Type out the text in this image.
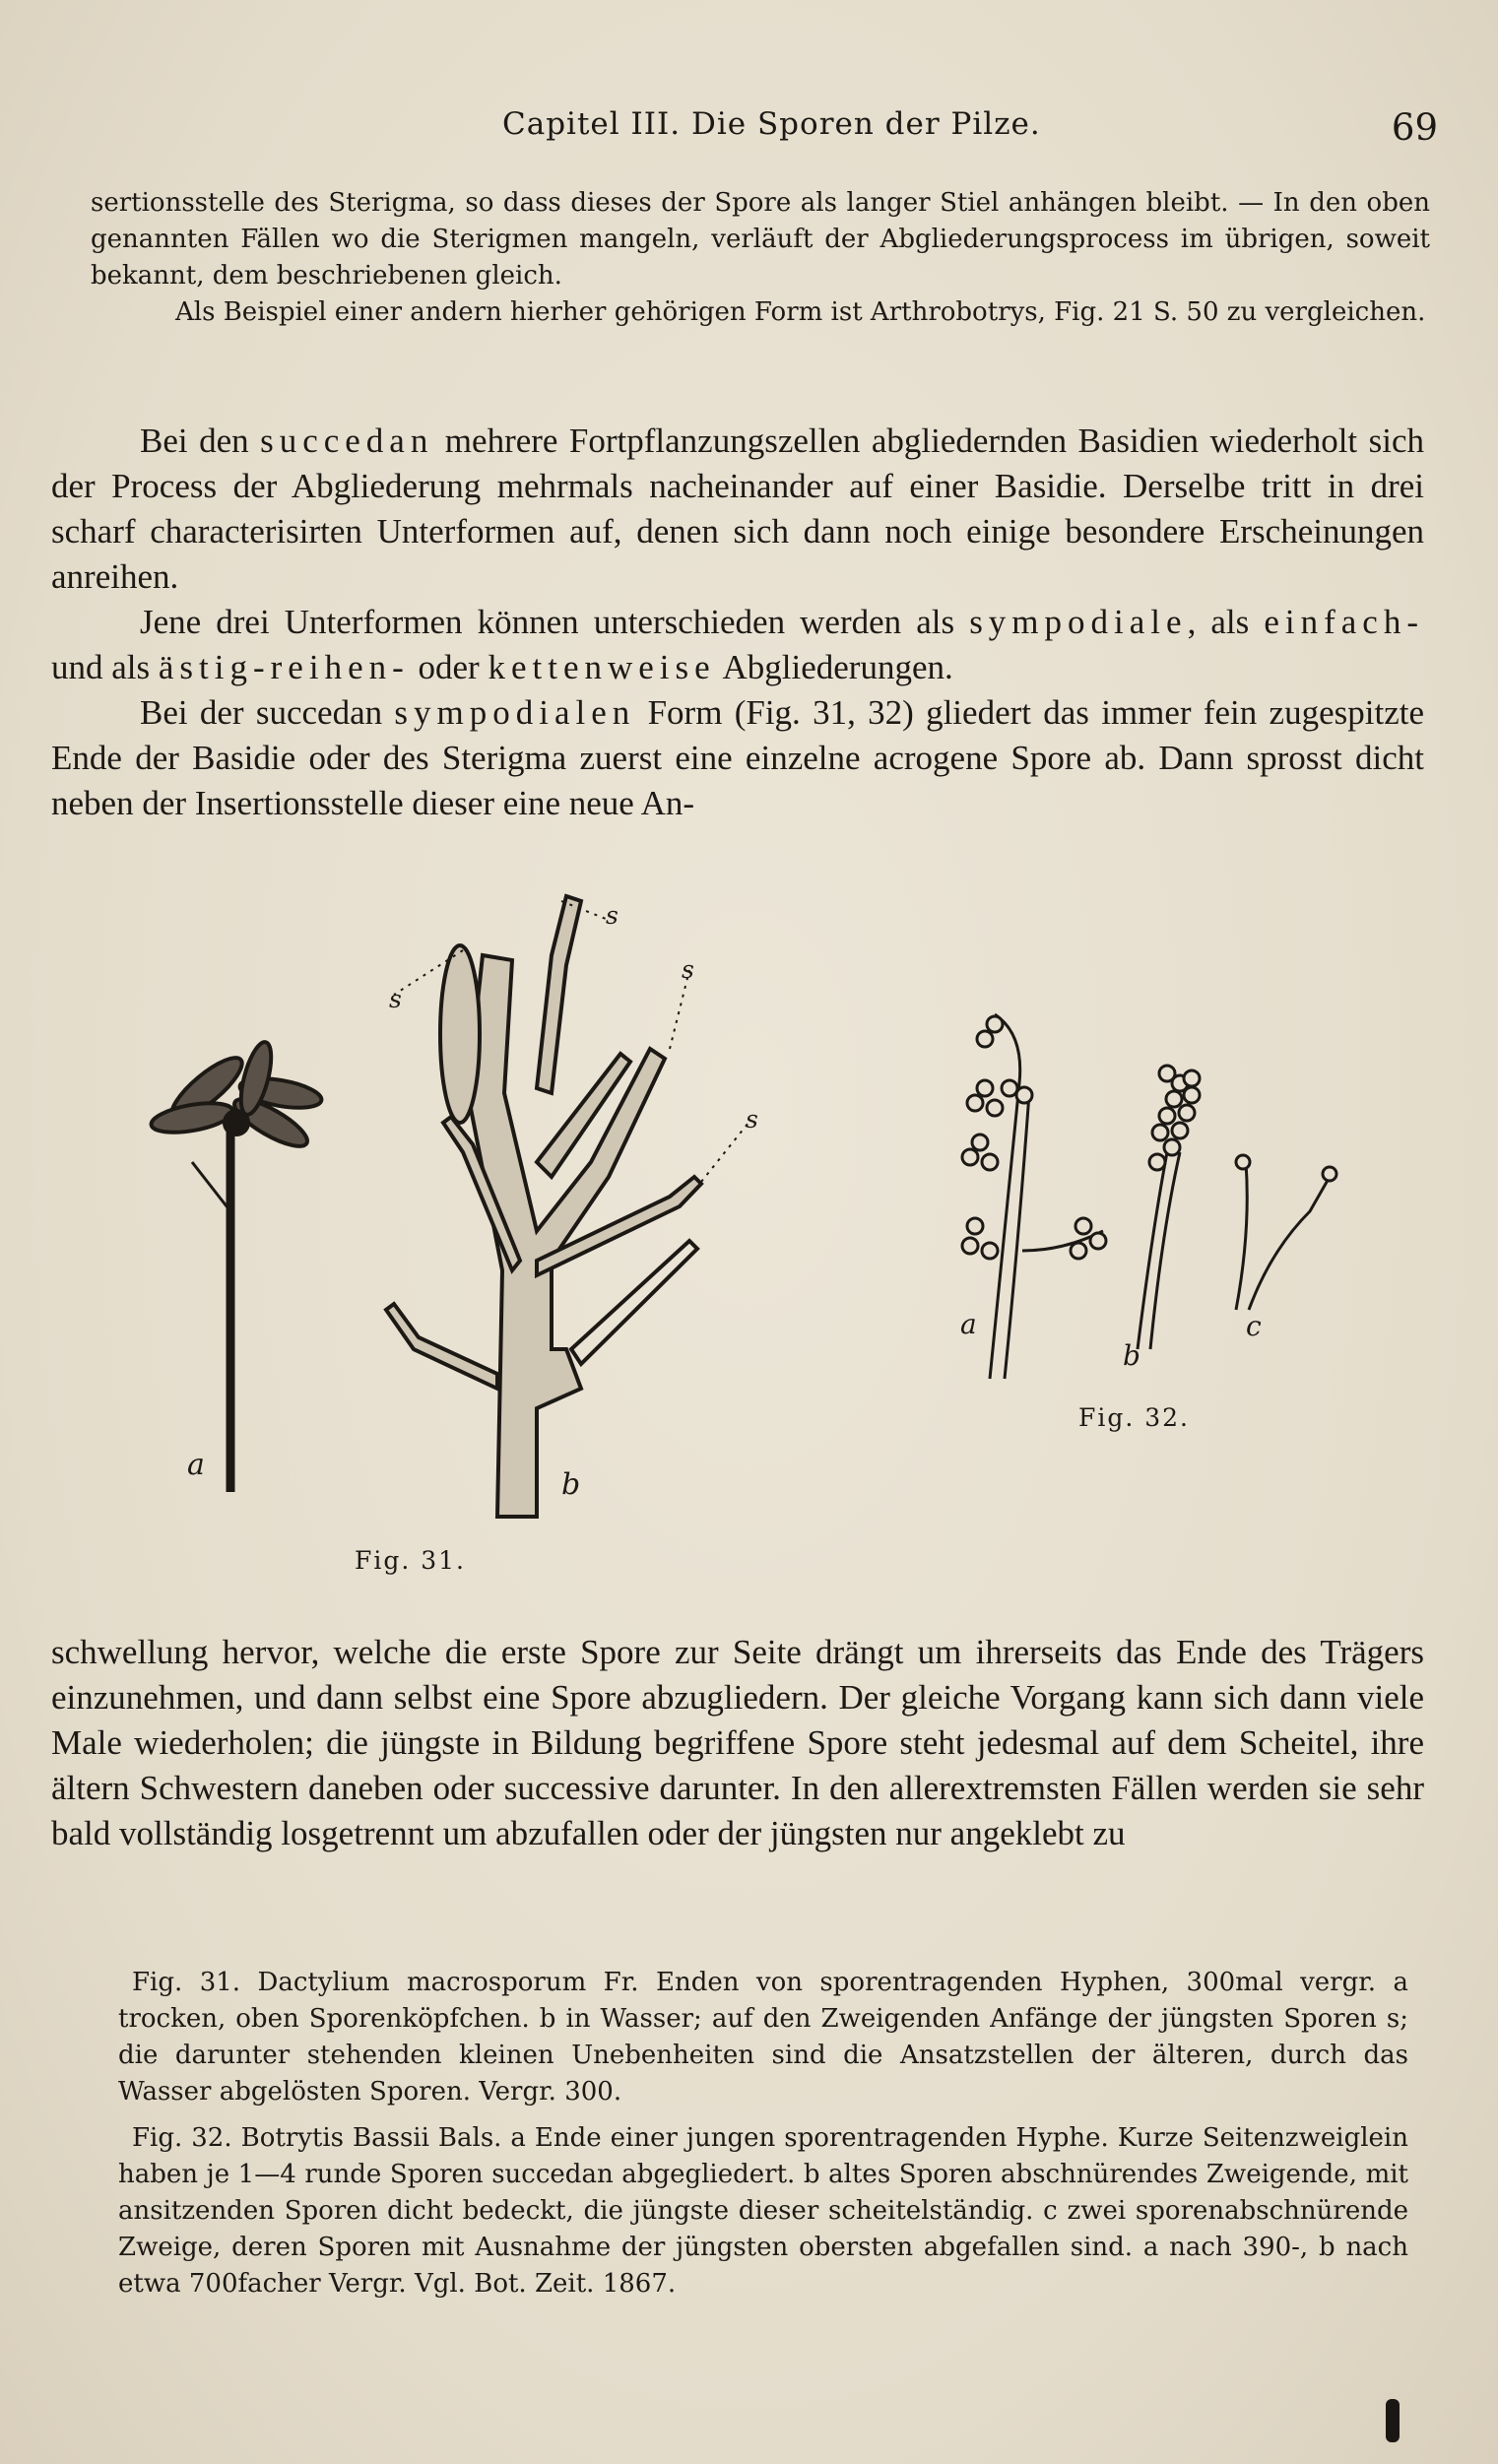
Capitel III. Die Sporen der Pilze.	69

sertionsstelle des Sterigma, so dass dieses der Spore als langer Stiel anhängen bleibt. — In den oben genannten Fällen wo die Sterigmen mangeln, verläuft der Abgliederungsprocess im übrigen, soweit bekannt, dem beschriebenen gleich.

Als Beispiel einer andern hierher gehörigen Form ist Arthrobotrys, Fig. 21 S. 50 zu vergleichen.

Bei den succedan mehrere Fortpflanzungszellen abgliedernden Basidien wiederholt sich der Process der Abgliederung mehrmals nacheinander auf einer Basidie. Derselbe tritt in drei scharf characterisirten Unterformen auf, denen sich dann noch einige besondere Erscheinungen anreihen.

Jene drei Unterformen können unterschieden werden als sympodiale, als einfach- und als ästig-reihen- oder kettenweise Abgliederungen.

Bei der succedan sympodialen Form (Fig. 31, 32) gliedert das immer fein zugespitzte Ende der Basidie oder des Sterigma zuerst eine einzelne acrogene Spore ab. Dann sprosst dicht neben der Insertionsstelle dieser eine neue An-

Fig. 31.
a
b
s
s
s
s
Fig. 32.
a
b
c

schwellung hervor, welche die erste Spore zur Seite drängt um ihrerseits das Ende des Trägers einzunehmen, und dann selbst eine Spore abzugliedern. Der gleiche Vorgang kann sich dann viele Male wiederholen; die jüngste in Bildung begriffene Spore steht jedesmal auf dem Scheitel, ihre ältern Schwestern daneben oder successive darunter. In den allerextremsten Fällen werden sie sehr bald vollständig losgetrennt um abzufallen oder der jüngsten nur angeklebt zu

Fig. 31. Dactylium macrosporum Fr. Enden von sporentragenden Hyphen, 300mal vergr. a trocken, oben Sporenköpfchen. b in Wasser; auf den Zweigenden Anfänge der jüngsten Sporen s; die darunter stehenden kleinen Unebenheiten sind die Ansatzstellen der älteren, durch das Wasser abgelösten Sporen. Vergr. 300.

Fig. 32. Botrytis Bassii Bals. a Ende einer jungen sporentragenden Hyphe. Kurze Seitenzweiglein haben je 1—4 runde Sporen succedan abgegliedert. b altes Sporen abschnürendes Zweigende, mit ansitzenden Sporen dicht bedeckt, die jüngste dieser scheitelständig. c zwei sporenabschnürende Zweige, deren Sporen mit Ausnahme der jüngsten obersten abgefallen sind. a nach 390-, b nach etwa 700facher Vergr. Vgl. Bot. Zeit. 1867.
